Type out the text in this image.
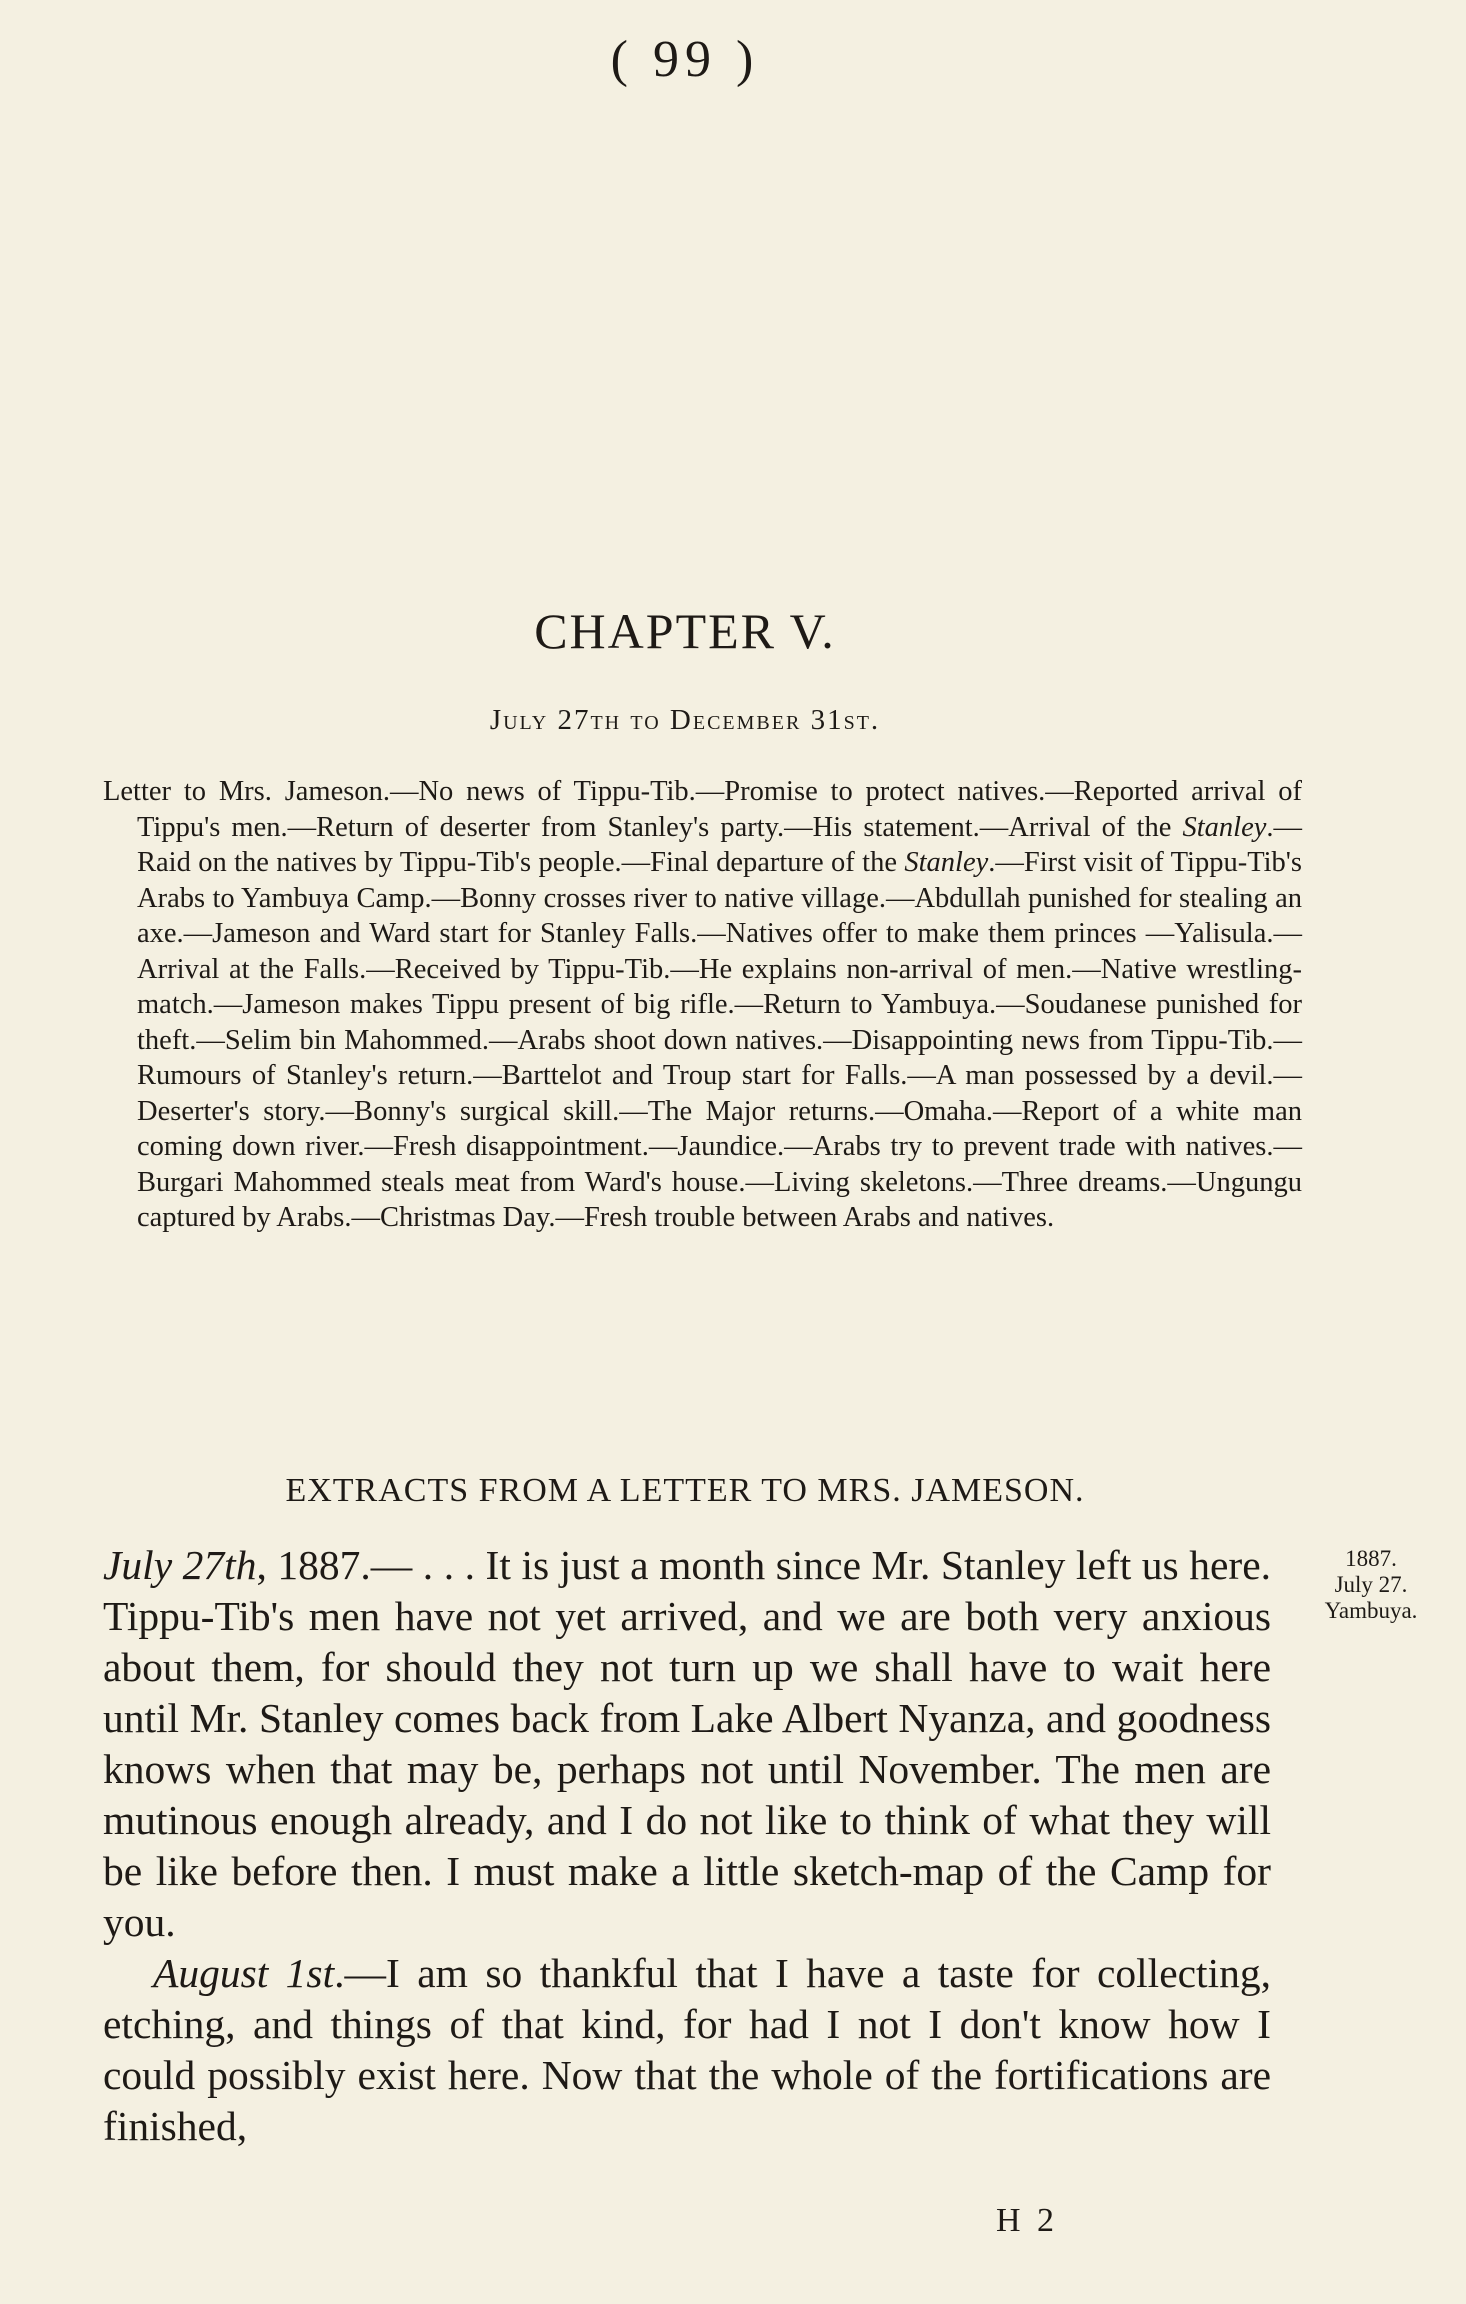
( 99 )
CHAPTER V.
July 27th to December 31st.
Letter to Mrs. Jameson.—No news of Tippu-Tib.—Promise to protect natives.—Reported arrival of Tippu's men.—Return of deserter from Stanley's party.—His statement.—Arrival of the Stanley.—Raid on the natives by Tippu-Tib's people.—Final departure of the Stanley.—First visit of Tippu-Tib's Arabs to Yambuya Camp.—Bonny crosses river to native village.—Abdullah punished for stealing an axe.—Jameson and Ward start for Stanley Falls.—Natives offer to make them princes —Yalisula.—Arrival at the Falls.—Received by Tippu-Tib.—He explains non-arrival of men.—Native wrestling-match.—Jameson makes Tippu present of big rifle.—Return to Yambuya.—Soudanese punished for theft.—Selim bin Mahommed.—Arabs shoot down natives.—Disappointing news from Tippu-Tib.—Rumours of Stanley's return.—Barttelot and Troup start for Falls.—A man possessed by a devil.—Deserter's story.—Bonny's surgical skill.—The Major returns.—Omaha.—Report of a white man coming down river.—Fresh disappointment.—Jaundice.—Arabs try to prevent trade with natives.—Burgari Mahommed steals meat from Ward's house.—Living skeletons.—Three dreams.—Ungungu captured by Arabs.—Christmas Day.—Fresh trouble between Arabs and natives.
EXTRACTS FROM A LETTER TO MRS. JAMESON.

July 27th, 1887.— . . . It is just a month since Mr. Stanley left us here. Tippu-Tib's men have not yet arrived, and we are both very anxious about them, for should they not turn up we shall have to wait here until Mr. Stanley comes back from Lake Albert Nyanza, and goodness knows when that may be, perhaps not until November. The men are mutinous enough already, and I do not like to think of what they will be like before then. I must make a little sketch-map of the Camp for you.

August 1st.—I am so thankful that I have a taste for collecting, etching, and things of that kind, for had I not I don't know how I could possibly exist here. Now that the whole of the fortifications are finished,

1887.
July 27.
Yambuya.
H 2
